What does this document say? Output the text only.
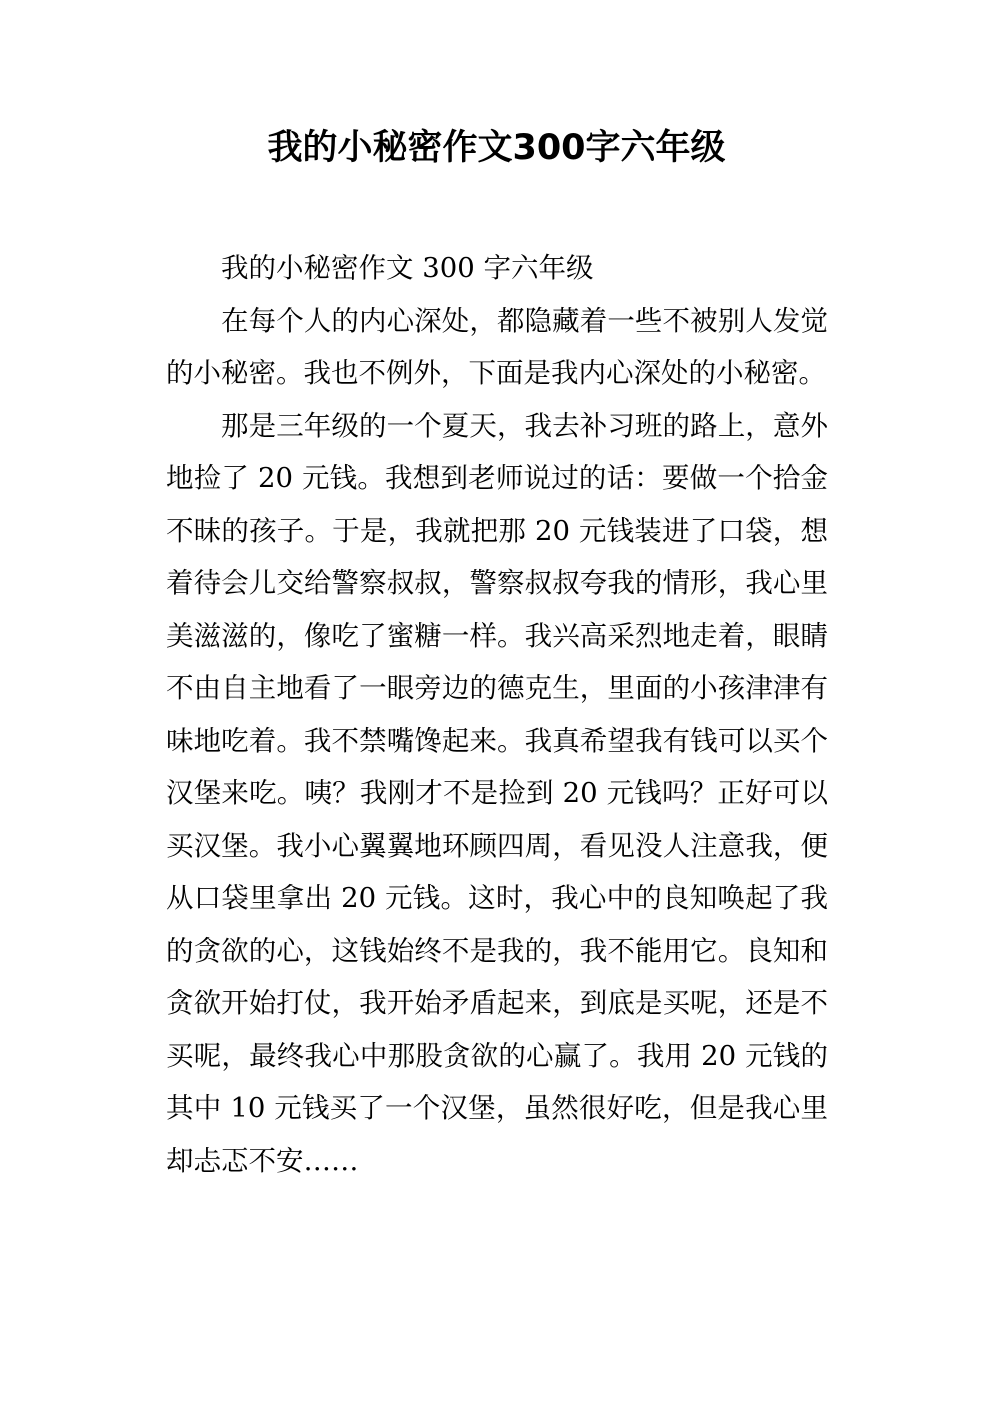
我的小秘密作文300字六年级

我的小秘密作文 300 字六年级

在每个人的内心深处，都隐藏着一些不被别人发觉的小秘密。我也不例外，下面是我内心深处的小秘密。

那是三年级的一个夏天，我去补习班的路上，意外地捡了 20 元钱。我想到老师说过的话：要做一个拾金不昧的孩子。于是，我就把那 20 元钱装进了口袋，想着待会儿交给警察叔叔，警察叔叔夸我的情形，我心里美滋滋的，像吃了蜜糖一样。我兴高采烈地走着，眼睛不由自主地看了一眼旁边的德克生，里面的小孩津津有味地吃着。我不禁嘴馋起来。我真希望我有钱可以买个汉堡来吃。咦？我刚才不是捡到 20 元钱吗？正好可以买汉堡。我小心翼翼地环顾四周，看见没人注意我，便从口袋里拿出 20 元钱。这时，我心中的良知唤起了我的贪欲的心，这钱始终不是我的，我不能用它。良知和贪欲开始打仗，我开始矛盾起来，到底是买呢，还是不买呢，最终我心中那股贪欲的心赢了。我用 20 元钱的其中 10 元钱买了一个汉堡，虽然很好吃，但是我心里却忐忑不安……
